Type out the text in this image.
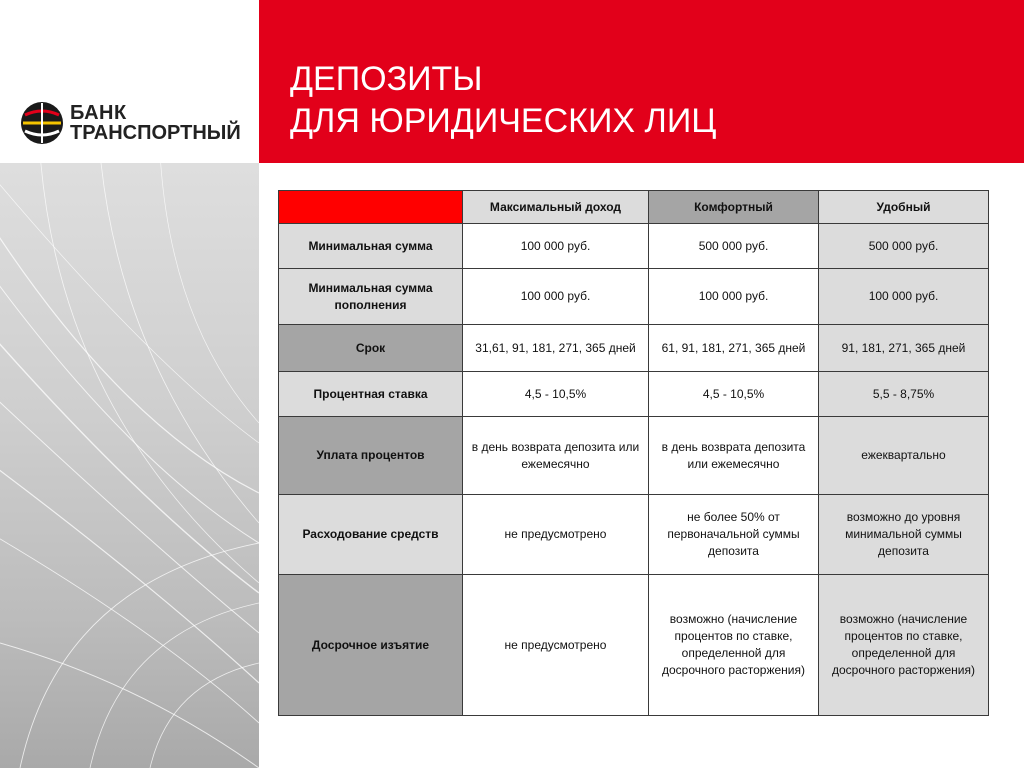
ДЕПОЗИТЫ
ДЛЯ ЮРИДИЧЕСКИХ ЛИЦ
БАНК
ТРАНСПОРТНЫЙ
	Максимальный доход	Комфортный	Удобный
Минимальная сумма	100 000 руб.	500 000 руб.	500 000 руб.
Минимальная сумма пополнения	100 000 руб.	100 000 руб.	100 000 руб.
Срок	31,61, 91, 181, 271, 365 дней	61, 91, 181, 271, 365 дней	91, 181, 271, 365 дней
Процентная ставка	4,5 - 10,5%	4,5 - 10,5%	5,5 - 8,75%
Уплата процентов	в день возврата депозита или ежемесячно	в день возврата депозита или ежемесячно	ежеквартально
Расходование средств	не предусмотрено	не более 50% от первоначальной суммы депозита	возможно до уровня минимальной суммы депозита
Досрочное изъятие	не предусмотрено	возможно (начисление процентов по ставке, определенной для досрочного расторжения)	возможно (начисление процентов по ставке, определенной для досрочного расторжения)
